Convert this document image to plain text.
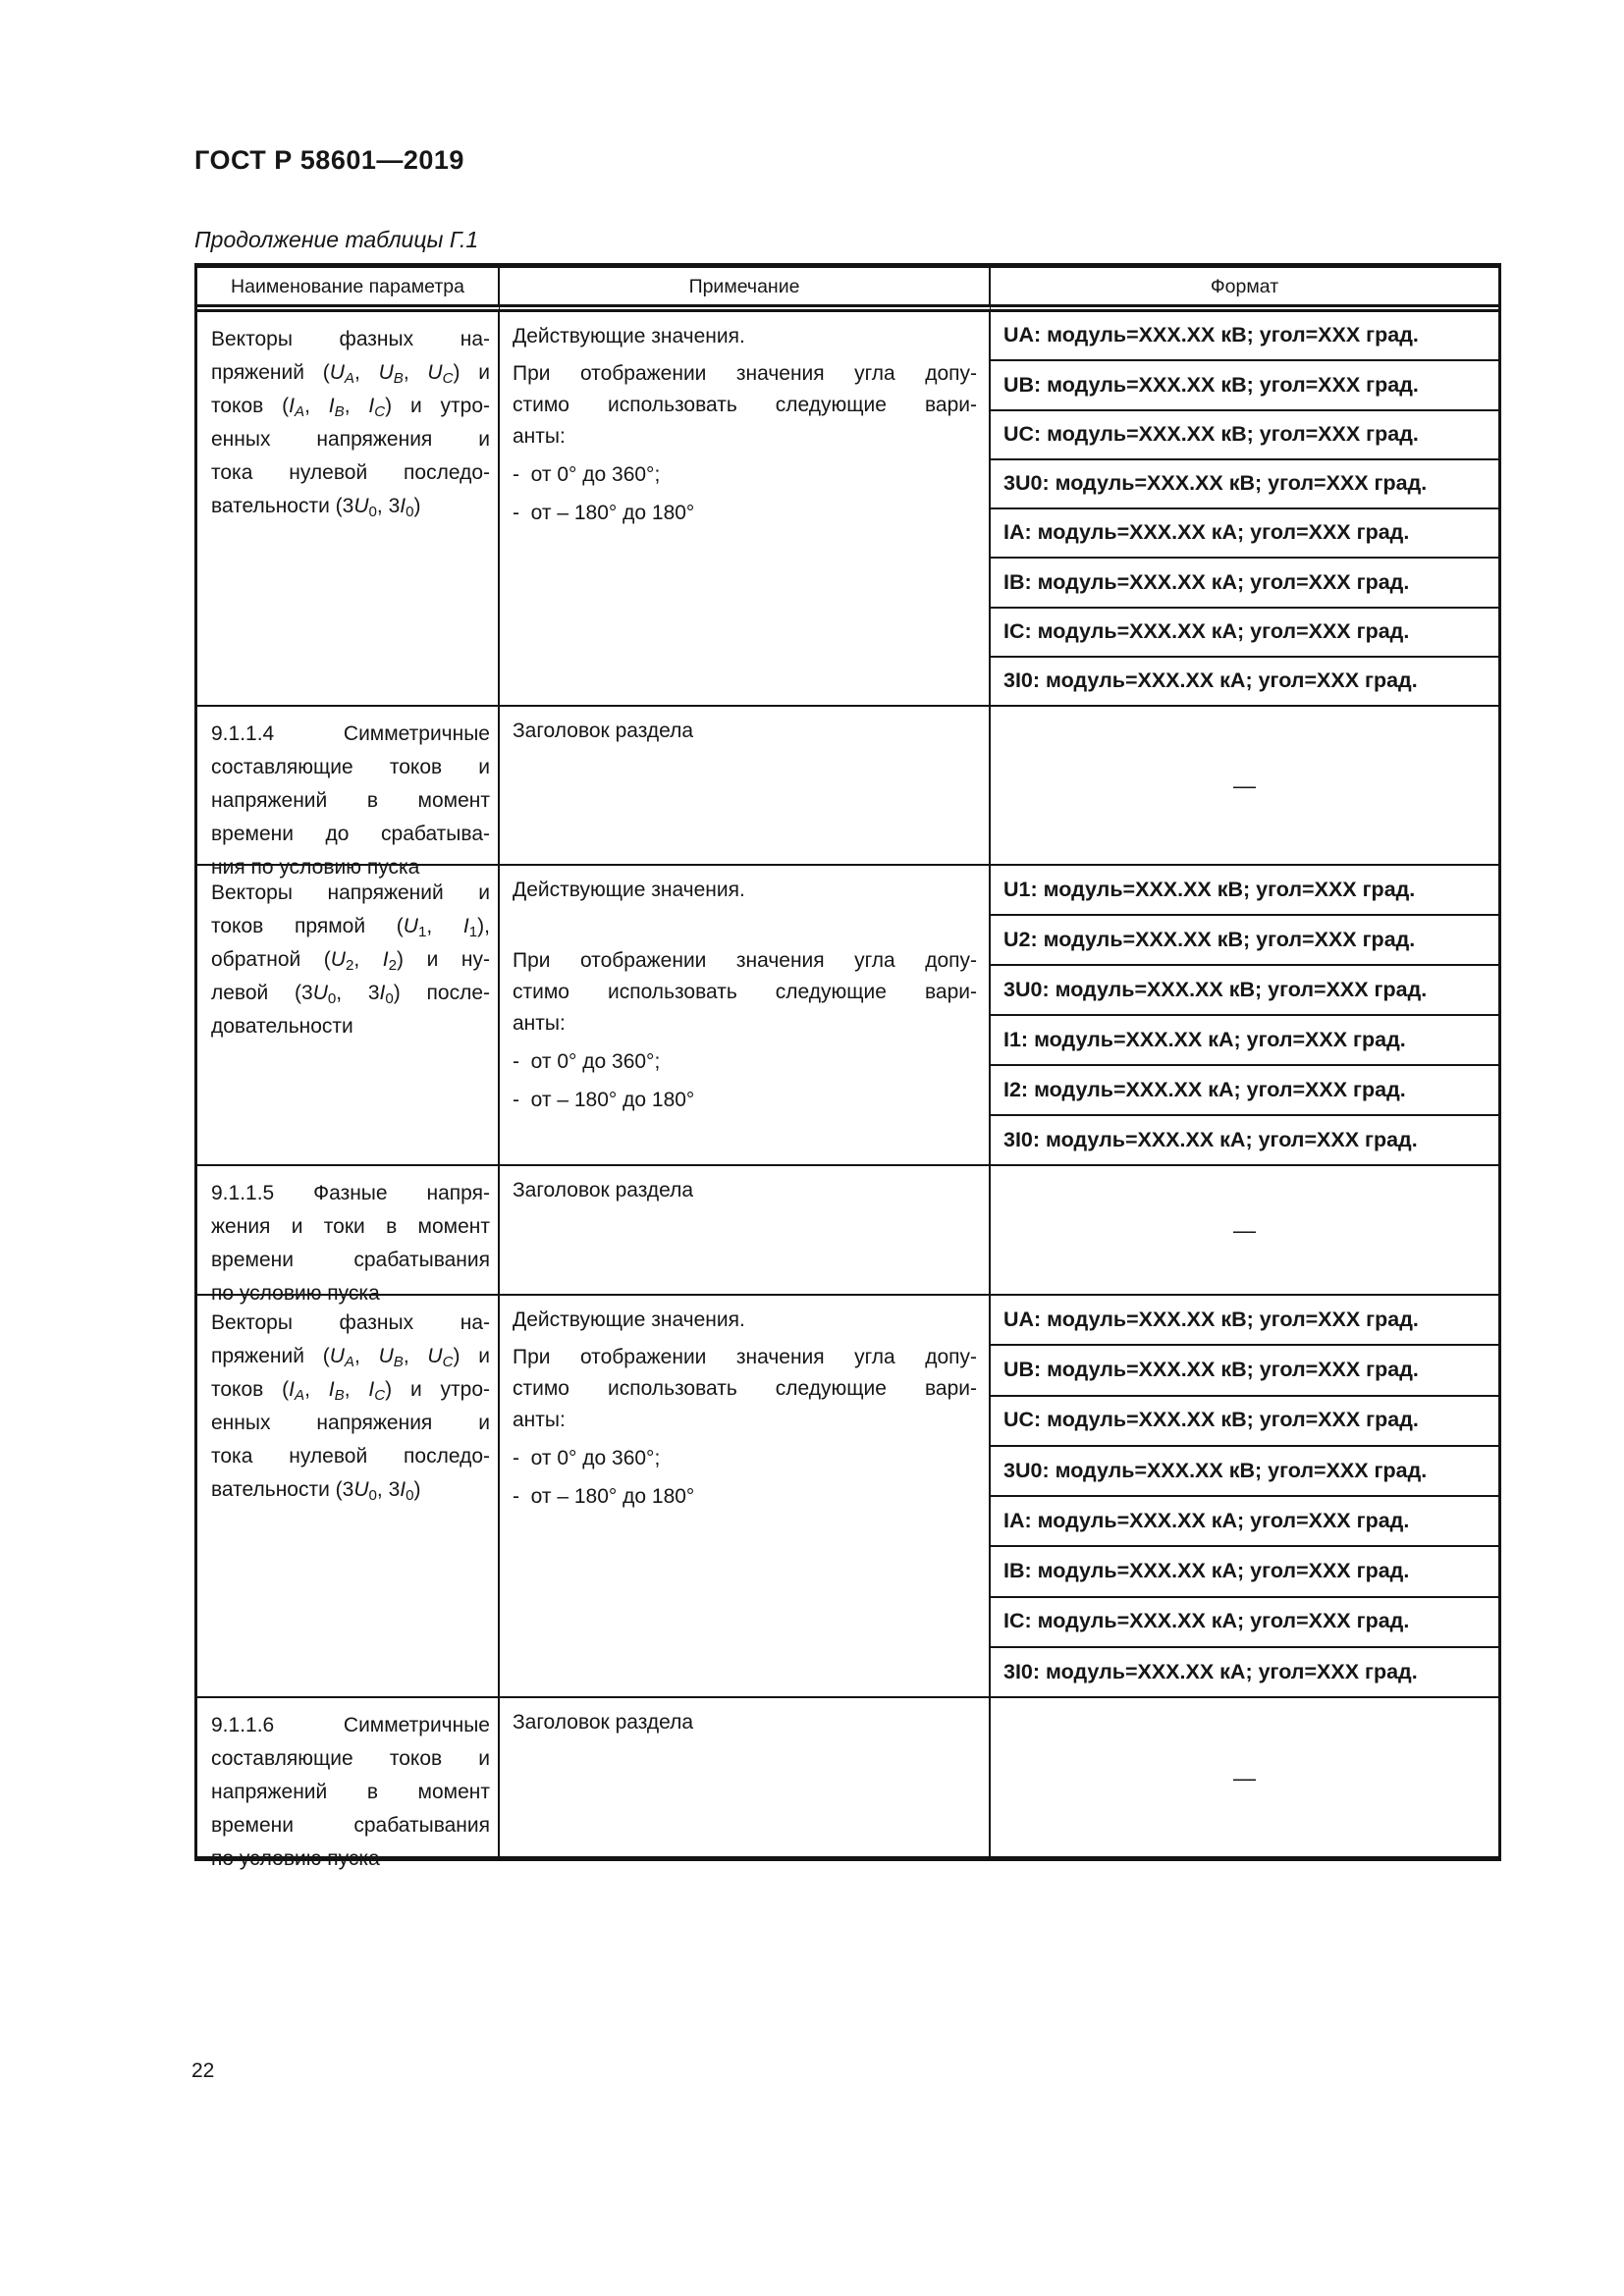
ГОСТ Р 58601—2019
Продолжение таблицы Г.1
Наименование параметра	Примечание	Формат
Векторы фазных на-
пряжений ($U_A$, $U_B$, $U_C$) и
токов ($I_A$, $I_B$, $I_C$) и утро-
енных напряжения и
тока нулевой последо-
вательности ($3U_0$, $3I_0$)
Действующие значения.
При отображении значения угла допу-
стимо использовать следующие вари-
анты:
-  от 0° до 360°;
-  от – 180° до 180°
UA: модуль=XXX.XX кВ; угол=XXX град.
UB: модуль=XXX.XX кВ; угол=XXX град.
UC: модуль=XXX.XX кВ; угол=XXX град.
3U0: модуль=XXX.XX кВ; угол=XXX град.
IA: модуль=XXX.XX кА; угол=XXX град.
IB: модуль=XXX.XX кА; угол=XXX град.
IC: модуль=XXX.XX кА; угол=XXX град.
3I0: модуль=XXX.XX кА; угол=XXX град.
9.1.1.4 Симметричные
составляющие токов и
напряжений в момент
времени до срабатыва-
ния по условию пуска
Заголовок раздела
—
Векторы напряжений и
токов прямой ($U_1$, $I_1$),
обратной ($U_2$, $I_2$) и ну-
левой ($3U_0$, $3I_0$) после-
довательности
Действующие значения.
При отображении значения угла допу-
стимо использовать следующие вари-
анты:
-  от 0° до 360°;
-  от – 180° до 180°
U1: модуль=XXX.XX кВ; угол=XXX град.
U2: модуль=XXX.XX кВ; угол=XXX град.
3U0: модуль=XXX.XX кВ; угол=XXX град.
I1: модуль=XXX.XX кА; угол=XXX град.
I2: модуль=XXX.XX кА; угол=XXX град.
3I0: модуль=XXX.XX кА; угол=XXX град.
9.1.1.5 Фазные напря-
жения и токи в момент
времени срабатывания
по условию пуска
Заголовок раздела
—
Векторы фазных на-
пряжений ($U_A$, $U_B$, $U_C$) и
токов ($I_A$, $I_B$, $I_C$) и утро-
енных напряжения и
тока нулевой последо-
вательности ($3U_0$, $3I_0$)
Действующие значения.
При отображении значения угла допу-
стимо использовать следующие вари-
анты:
-  от 0° до 360°;
-  от – 180° до 180°
UA: модуль=XXX.XX кВ; угол=XXX град.
UB: модуль=XXX.XX кВ; угол=XXX град.
UC: модуль=XXX.XX кВ; угол=XXX град.
3U0: модуль=XXX.XX кВ; угол=XXX град.
IA: модуль=XXX.XX кА; угол=XXX град.
IB: модуль=XXX.XX кА; угол=XXX град.
IC: модуль=XXX.XX кА; угол=XXX град.
3I0: модуль=XXX.XX кА; угол=XXX град.
9.1.1.6 Симметричные
составляющие токов и
напряжений в момент
времени срабатывания
по условию пуска
Заголовок раздела
—
22
